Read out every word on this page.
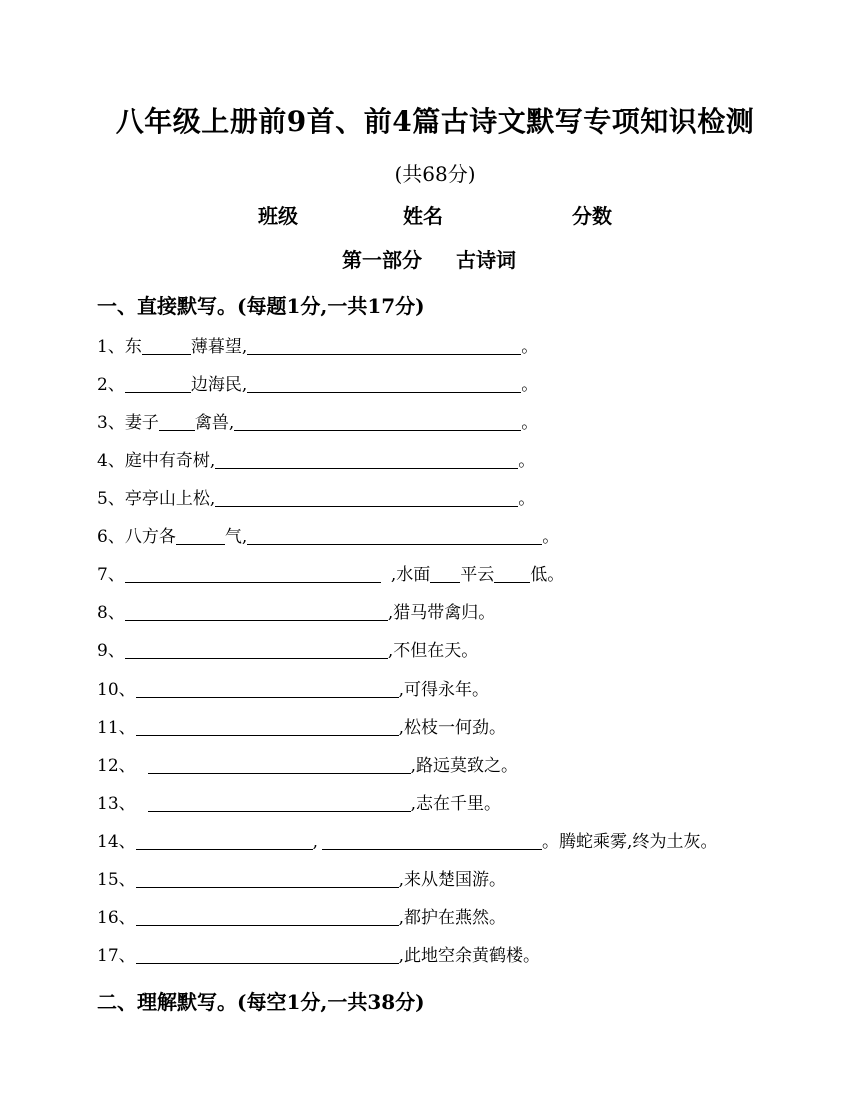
八年级上册前9首、前4篇古诗文默写专项知识检测
(共68分)
班级	姓名	分数
第一部分 古诗词
一、直接默写。(每题1分,一共17分)
1、东	薄暮望,	。
2、	边海民,	。
3、妻子 禽兽,	。
4、庭中有奇树,	。
5、亭亭山上松,	。
6、八方各	气,	。
7、	,水面 平云 低。
8、	,猎马带禽归。
9、	,不但在天。
10、	,可得永年。
11、	,松枝一何劲。
12、	,路远莫致之。
13、	,志在千里。
14、	,	。腾蛇乘雾,终为土灰。
15、	,来从楚国游。
16、	,都护在燕然。
17、	,此地空余黄鹤楼。
二、理解默写。(每空1分,一共38分)
